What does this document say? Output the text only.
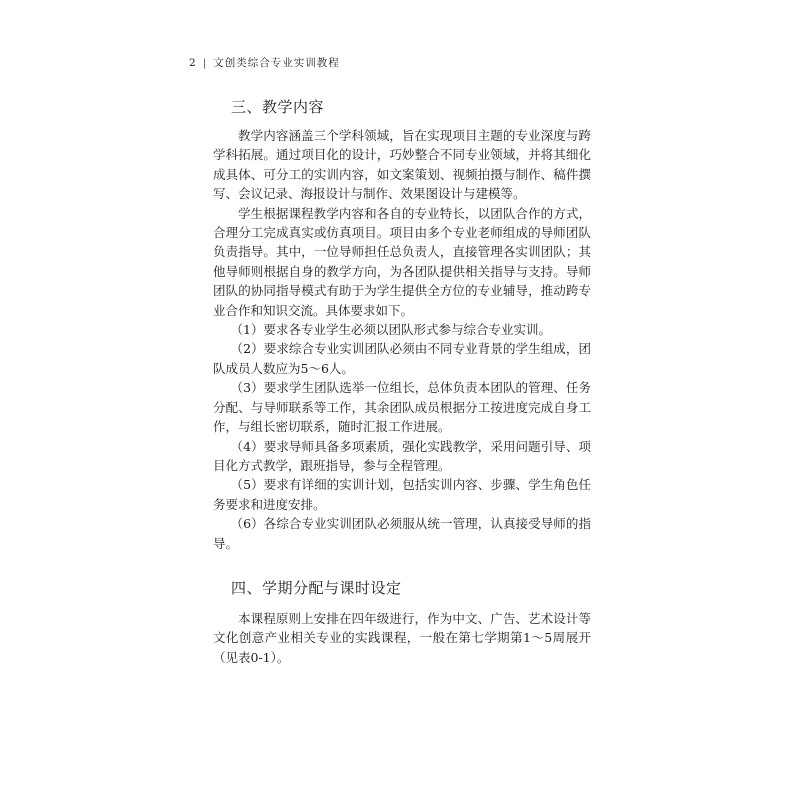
2 | 文创类综合专业实训教程
三、教学内容

教学内容涵盖三个学科领域，旨在实现项目主题的专业深度与跨学科拓展。通过项目化的设计，巧妙整合不同专业领域，并将其细化成具体、可分工的实训内容，如文案策划、视频拍摄与制作、稿件撰写、会议记录、海报设计与制作、效果图设计与建模等。

学生根据课程教学内容和各自的专业特长，以团队合作的方式，合理分工完成真实或仿真项目。项目由多个专业老师组成的导师团队负责指导。其中，一位导师担任总负责人，直接管理各实训团队；其他导师则根据自身的教学方向，为各团队提供相关指导与支持。导师团队的协同指导模式有助于为学生提供全方位的专业辅导，推动跨专业合作和知识交流。具体要求如下。

（1）要求各专业学生必须以团队形式参与综合专业实训。

（2）要求综合专业实训团队必须由不同专业背景的学生组成，团队成员人数应为5～6人。

（3）要求学生团队选举一位组长，总体负责本团队的管理、任务分配、与导师联系等工作，其余团队成员根据分工按进度完成自身工作，与组长密切联系，随时汇报工作进展。

（4）要求导师具备多项素质，强化实践教学，采用问题引导、项目化方式教学，跟班指导，参与全程管理。

（5）要求有详细的实训计划，包括实训内容、步骤、学生角色任务要求和进度安排。

（6）各综合专业实训团队必须服从统一管理，认真接受导师的指导。

四、学期分配与课时设定

本课程原则上安排在四年级进行，作为中文、广告、艺术设计等文化创意产业相关专业的实践课程，一般在第七学期第1～5周展开（见表0-1）。
